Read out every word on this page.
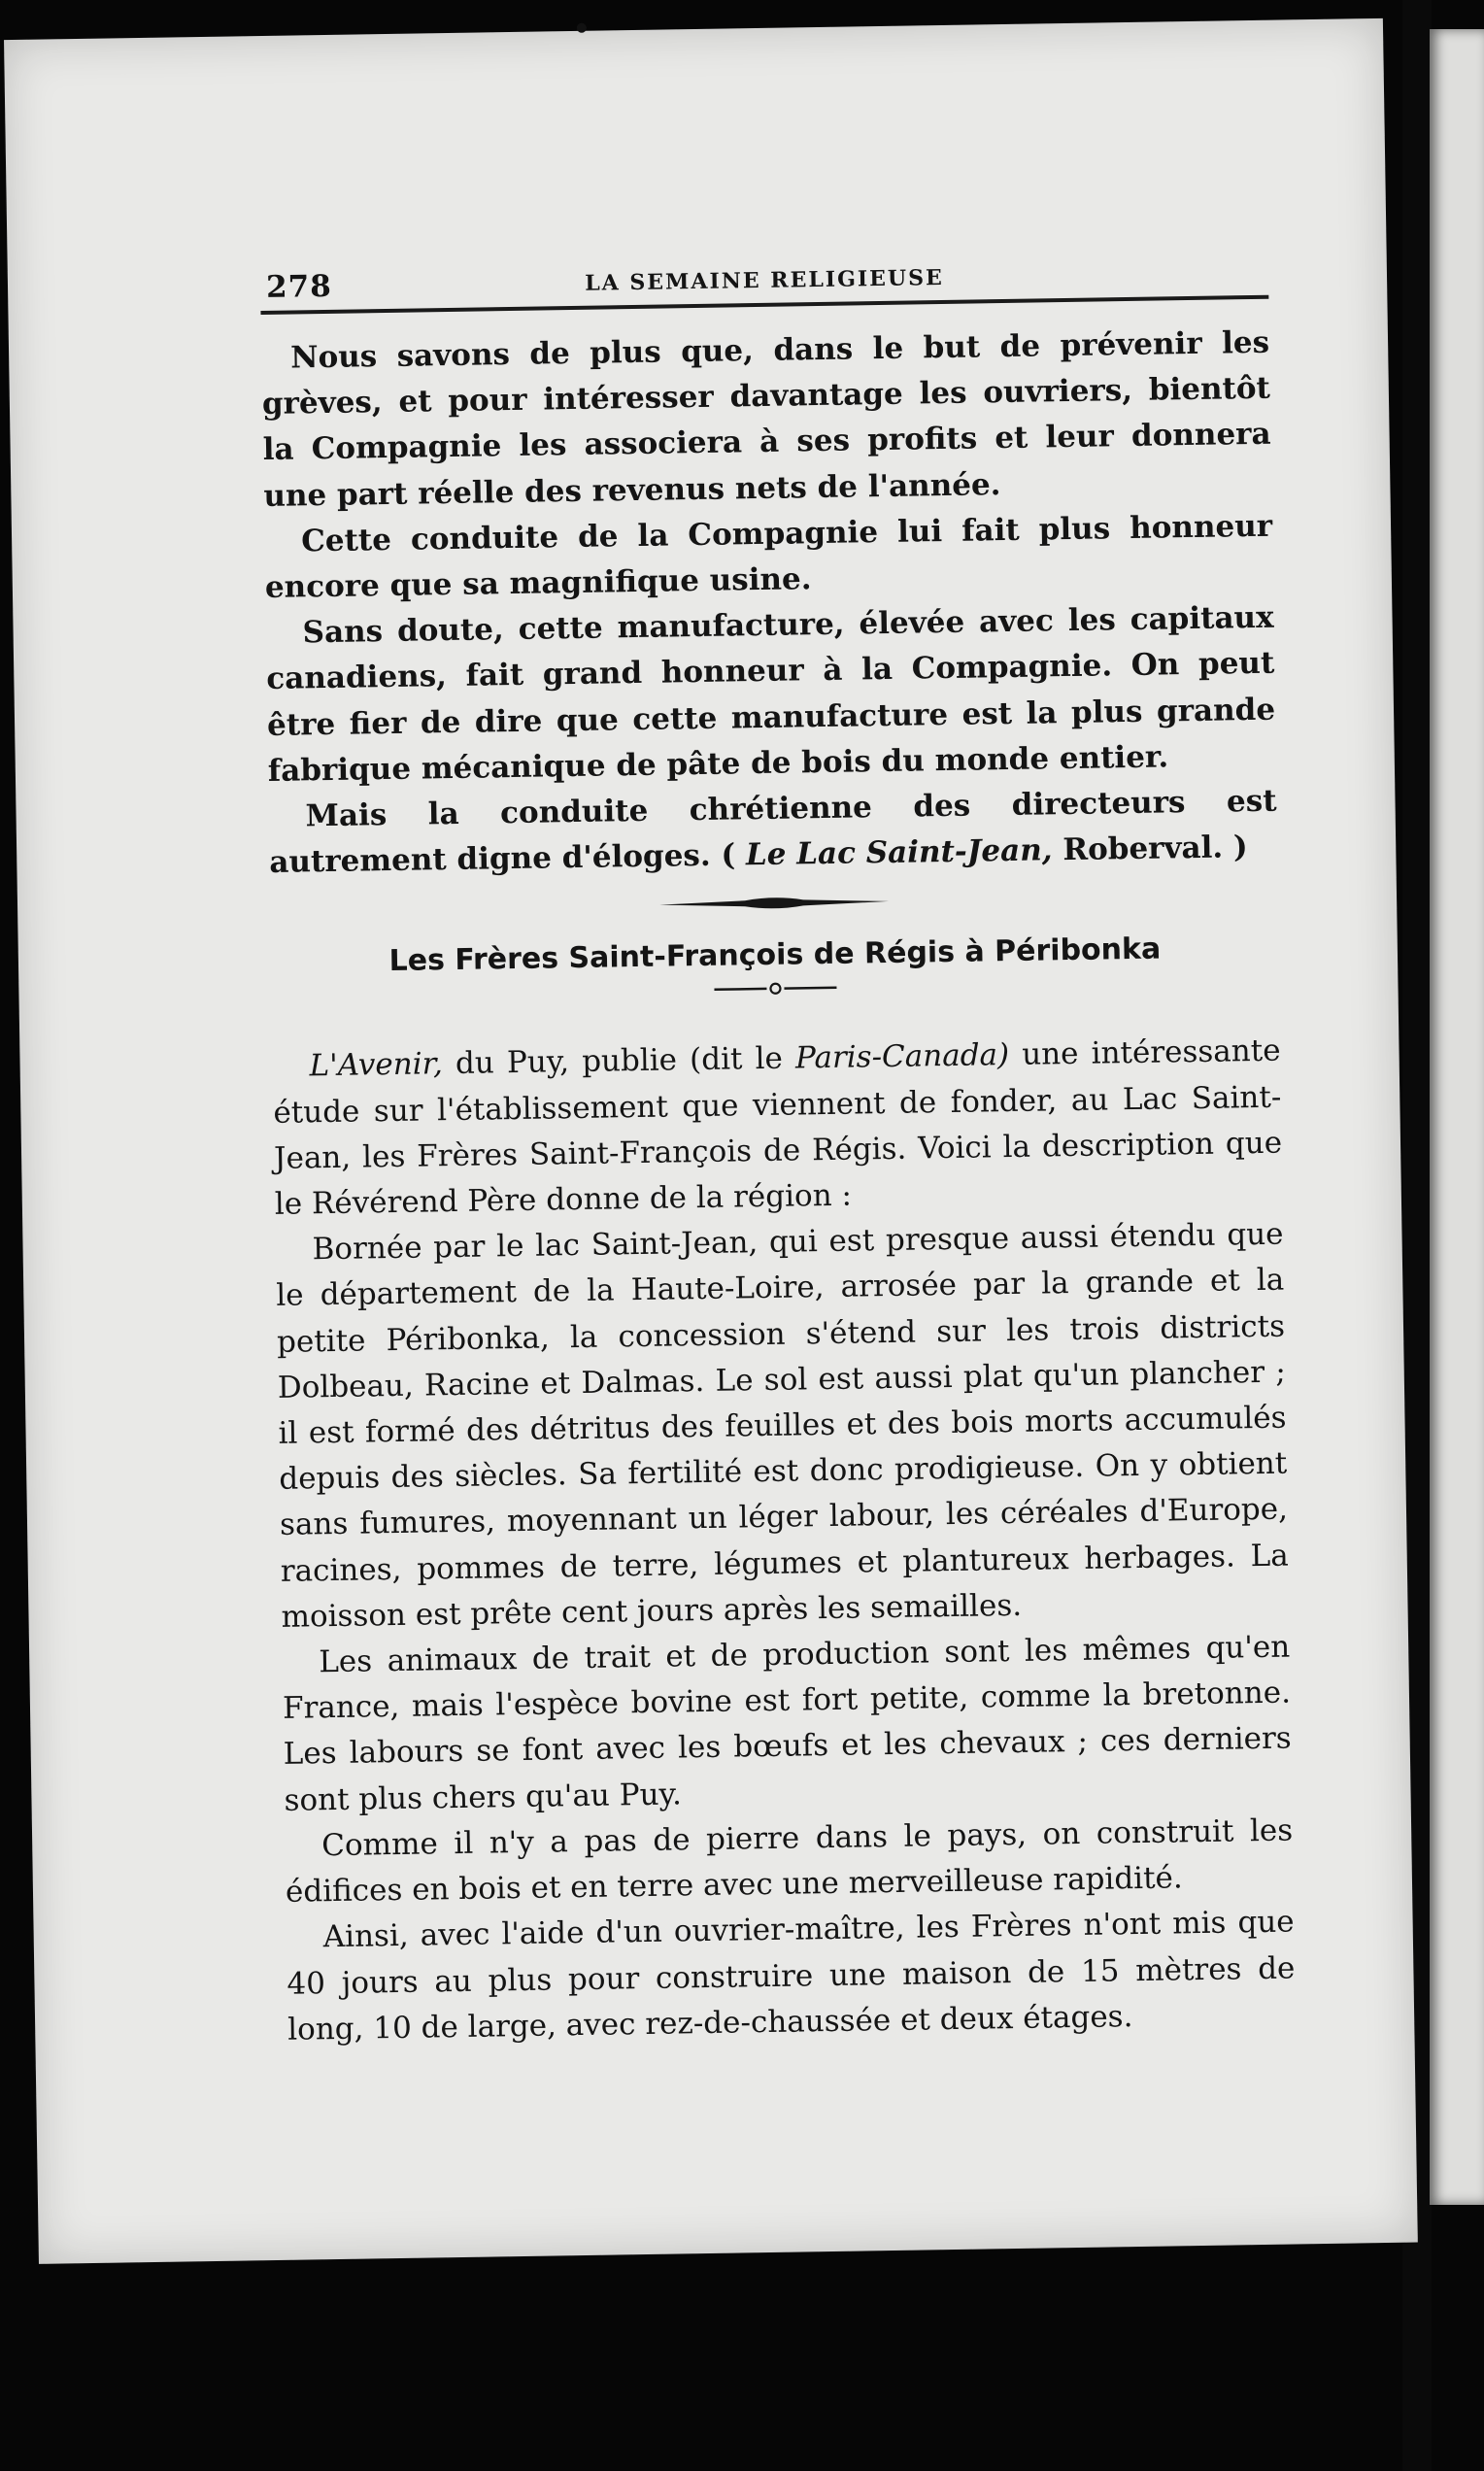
278	LA SEMAINE RELIGIEUSE

Nous savons de plus que, dans le but de prévenir les grèves, et pour intéresser davantage les ouvriers, bientôt la Compagnie les associera à ses profits et leur donnera une part réelle des revenus nets de l'année.

Cette conduite de la Compagnie lui fait plus honneur encore que sa magnifique usine.

Sans doute, cette manufacture, élevée avec les capitaux canadiens, fait grand honneur à la Compagnie. On peut être fier de dire que cette manufacture est la plus grande fabrique mécanique de pâte de bois du monde entier.

Mais la conduite chrétienne des directeurs est autrement digne d'éloges. ( Le Lac Saint-Jean, Roberval. )

Les Frères Saint-François de Régis à Péribonka

L'Avenir, du Puy, publie (dit le Paris-Canada) une intéressante étude sur l'établissement que viennent de fonder, au Lac Saint-Jean, les Frères Saint-François de Régis. Voici la description que le Révérend Père donne de la région :

Bornée par le lac Saint-Jean, qui est presque aussi étendu que le département de la Haute-Loire, arrosée par la grande et la petite Péribonka, la concession s'étend sur les trois districts Dolbeau, Racine et Dalmas. Le sol est aussi plat qu'un plancher ; il est formé des détritus des feuilles et des bois morts accumulés depuis des siècles. Sa fertilité est donc prodigieuse. On y obtient sans fumures, moyennant un léger labour, les céréales d'Europe, racines, pommes de terre, légumes et plantureux herbages. La moisson est prête cent jours après les semailles.

Les animaux de trait et de production sont les mêmes qu'en France, mais l'espèce bovine est fort petite, comme la bretonne. Les labours se font avec les bœufs et les chevaux ; ces derniers sont plus chers qu'au Puy.

Comme il n'y a pas de pierre dans le pays, on construit les édifices en bois et en terre avec une merveilleuse rapidité.

Ainsi, avec l'aide d'un ouvrier-maître, les Frères n'ont mis que 40 jours au plus pour construire une maison de 15 mètres de long, 10 de large, avec rez-de-chaussée et deux étages.
